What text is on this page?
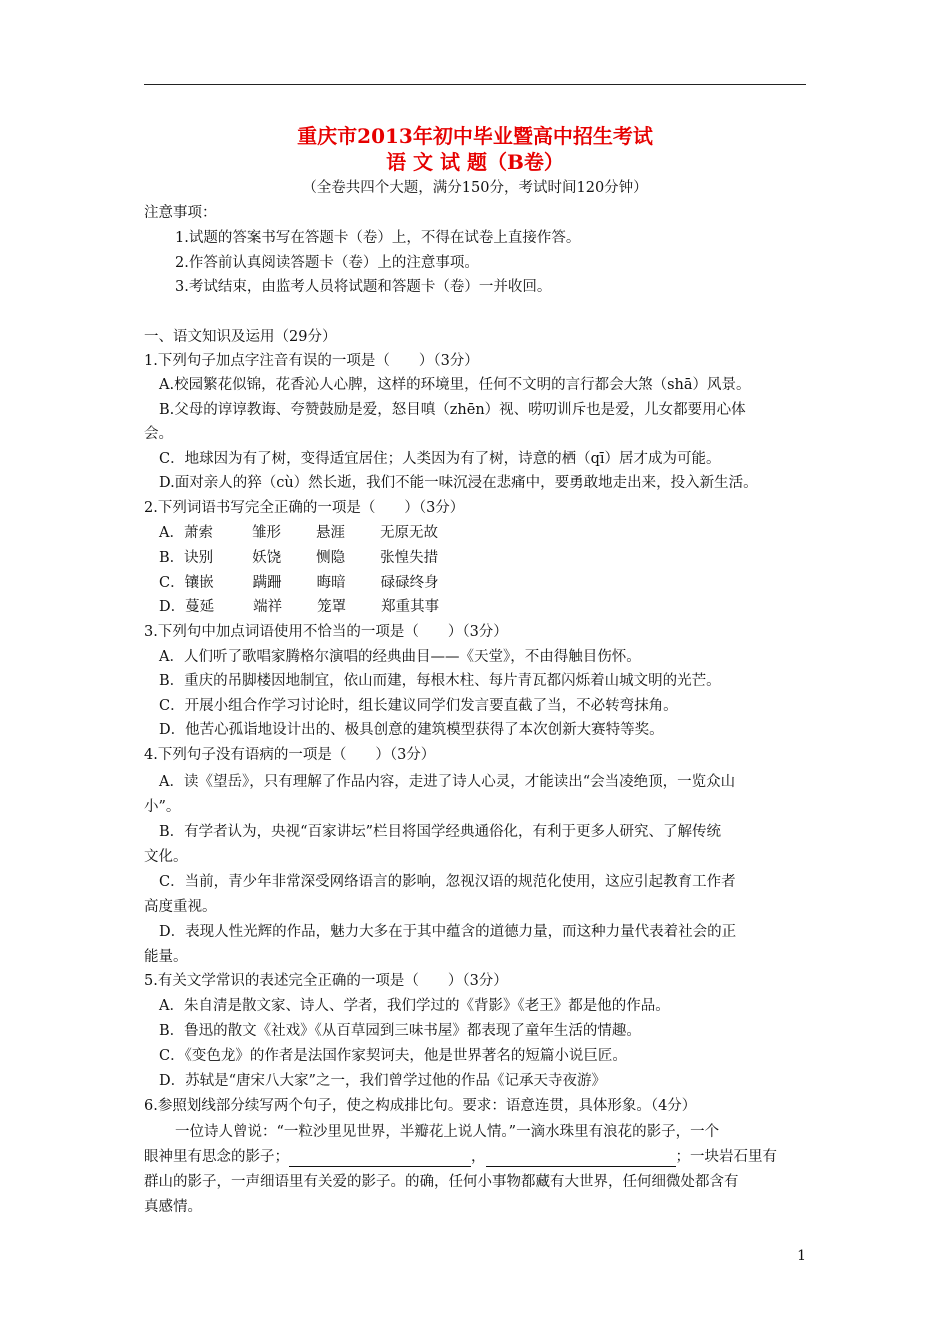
重庆市2013年初中毕业暨高中招生考试
语 文 试 题（B卷）
（全卷共四个大题，满分150分，考试时间120分钟）
注意事项：
1.试题的答案书写在答题卡（卷）上，不得在试卷上直接作答。
2.作答前认真阅读答题卡（卷）上的注意事项。
3.考试结束，由监考人员将试题和答题卡（卷）一并收回。
一、语文知识及运用（29分）
1.下列句子加点字注音有误的一项是（　　）（3分）
A.校园繁花似锦，花香沁人心脾，这样的环境里，任何不文明的言行都会大煞（shā）风景。
B.父母的谆谆教诲、夸赞鼓励是爱，怒目嗔（zhēn）视、唠叨训斥也是爱，儿女都要用心体
会。
C．地球因为有了树，变得适宜居住；人类因为有了树，诗意的栖（qī）居才成为可能。
D.面对亲人的猝（cù）然长逝，我们不能一味沉浸在悲痛中，要勇敢地走出来，投入新生活。
2.下列词语书写完全正确的一项是（　　）（3分）
A．萧索	雏形 悬涯 无原无故
B．诀别	妖饶 恻隐 张惶失措
C．镶嵌	蹒跚 晦暗 碌碌终身
D．蔓延	端祥 笼罩 郑重其事
3.下列句中加点词语使用不恰当的一项是（　　）（3分）
A．人们听了歌唱家腾格尔演唱的经典曲目——《天堂》，不由得触目伤怀。
B．重庆的吊脚楼因地制宜，依山而建，每根木柱、每片青瓦都闪烁着山城文明的光芒。
C．开展小组合作学习讨论时，组长建议同学们发言要直截了当，不必转弯抹角。
D．他苦心孤诣地设计出的、极具创意的建筑模型获得了本次创新大赛特等奖。
4.下列句子没有语病的一项是（　　）（3分）
A．读《望岳》，只有理解了作品内容，走进了诗人心灵，才能读出“会当凌绝顶，一览众山
小”。
B．有学者认为，央视“百家讲坛”栏目将国学经典通俗化，有利于更多人研究、了解传统
文化。
C．当前，青少年非常深受网络语言的影响，忽视汉语的规范化使用，这应引起教育工作者
高度重视。
D．表现人性光辉的作品，魅力大多在于其中蕴含的道德力量，而这种力量代表着社会的正
能量。
5.有关文学常识的表述完全正确的一项是（　　）（3分）
A．朱自清是散文家、诗人、学者，我们学过的《背影》《老王》都是他的作品。
B．鲁迅的散文《社戏》《从百草园到三味书屋》都表现了童年生活的情趣。
C．《变色龙》的作者是法国作家契诃夫，他是世界著名的短篇小说巨匠。
D．苏轼是“唐宋八大家”之一，我们曾学过他的作品《记承天寺夜游》
6.参照划线部分续写两个句子，使之构成排比句。要求：语意连贯，具体形象。（4分）
一位诗人曾说：“一粒沙里见世界，半瓣花上说人情。”一滴水珠里有浪花的影子，一个
眼神里有思念的影子；	，	；一块岩石里有
群山的影子，一声细语里有关爱的影子。的确，任何小事物都藏有大世界，任何细微处都含有
真感情。
1
